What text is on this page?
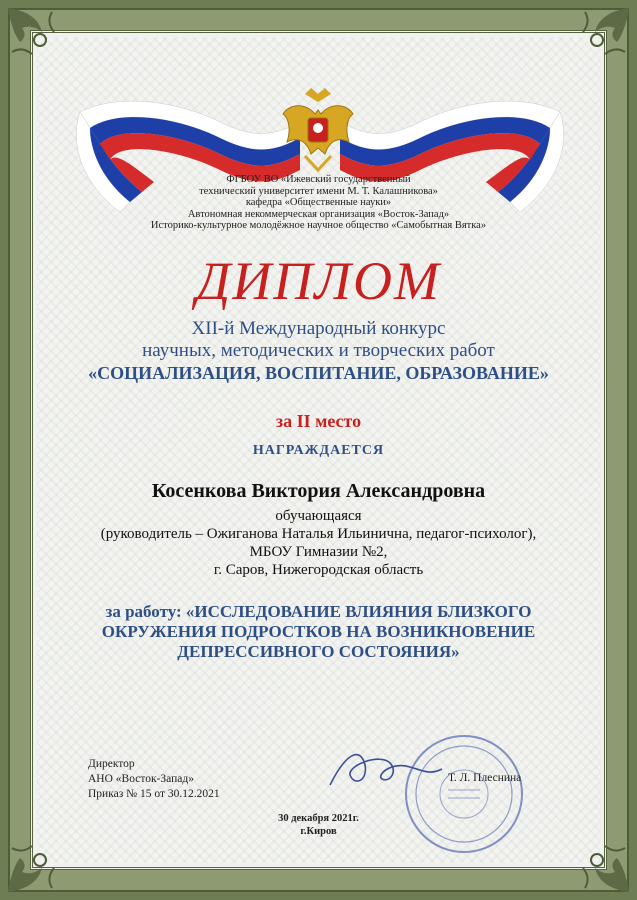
ФГБОУ ВО «Ижевский государственный
технический университет имени М. Т. Калашникова»
кафедра «Общественные науки»
Автономная некоммерческая организация «Восток-Запад»
Историко-культурное молодёжное научное общество «Самобытная Вятка»
ДИПЛОМ
XII-й Международный конкурс
научных, методических и творческих работ
«СОЦИАЛИЗАЦИЯ, ВОСПИТАНИЕ, ОБРАЗОВАНИЕ»
за II место
НАГРАЖДАЕТСЯ
Косенкова Виктория Александровна
обучающаяся
(руководитель – Ожиганова Наталья Ильинична, педагог-психолог),
МБОУ Гимназии №2,
г. Саров, Нижегородская область
за работу: «ИССЛЕДОВАНИЕ ВЛИЯНИЯ БЛИЗКОГО
ОКРУЖЕНИЯ ПОДРОСТКОВ НА ВОЗНИКНОВЕНИЕ
ДЕПРЕССИВНОГО СОСТОЯНИЯ»
Директор
АНО «Восток-Запад»
Приказ № 15 от 30.12.2021
Т. Л. Плеснина
30 декабря 2021г.
г.Киров
